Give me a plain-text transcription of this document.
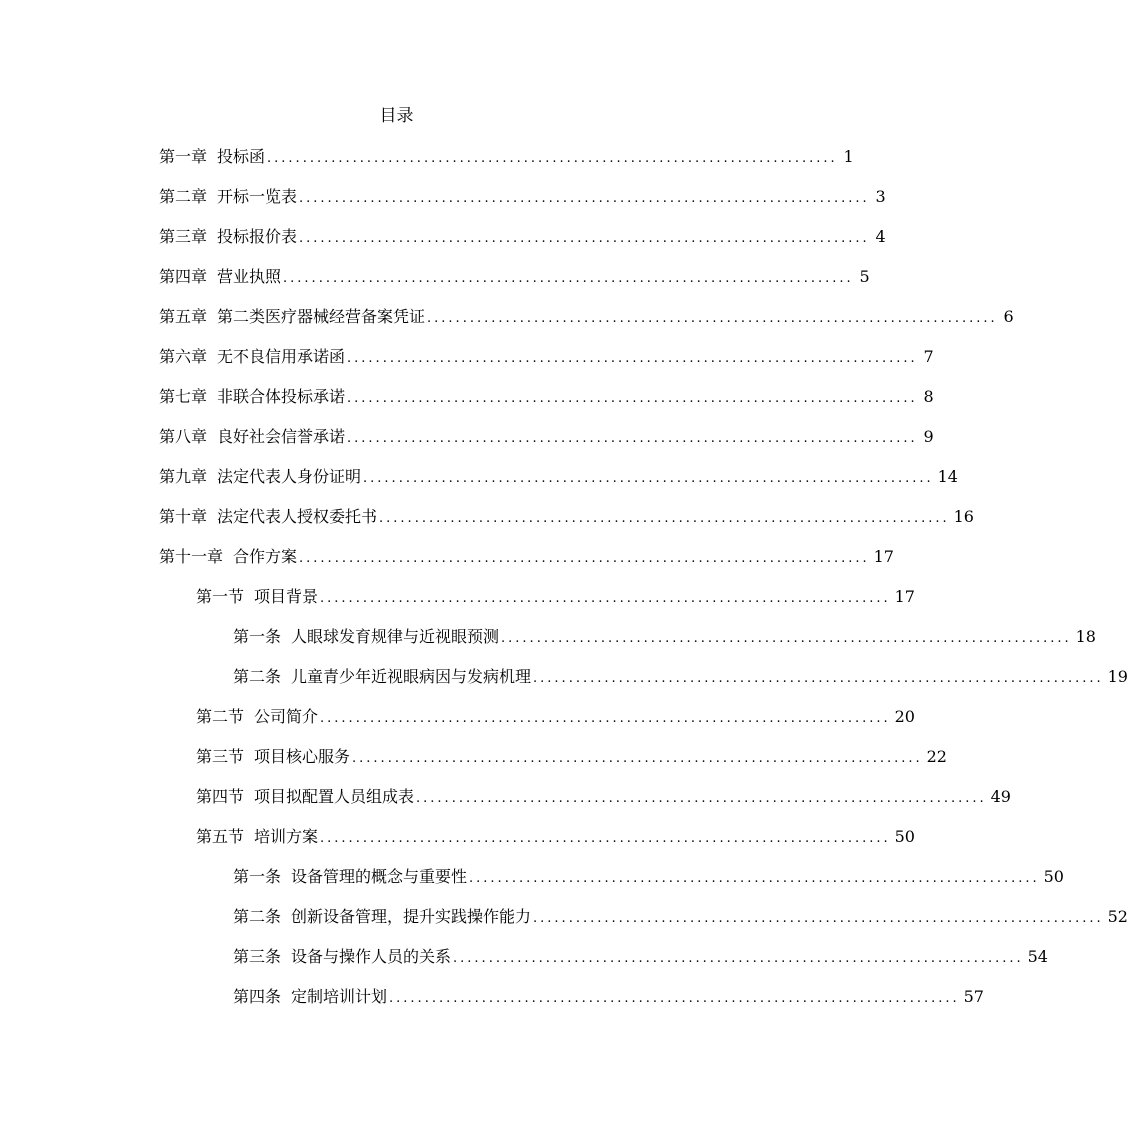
目录
第一章 投标函 ................................................................................ 1
第二章 开标一览表 ................................................................................ 3
第三章 投标报价表 ................................................................................ 4
第四章 营业执照 ................................................................................ 5
第五章 第二类医疗器械经营备案凭证 ................................................................................ 6
第六章 无不良信用承诺函 ................................................................................ 7
第七章 非联合体投标承诺 ................................................................................ 8
第八章 良好社会信誉承诺 ................................................................................ 9
第九章 法定代表人身份证明 ................................................................................ 14
第十章 法定代表人授权委托书 ................................................................................ 16
第十一章 合作方案 ................................................................................ 17
第一节 项目背景 ................................................................................ 17
第一条 人眼球发育规律与近视眼预测 ................................................................................ 18
第二条 儿童青少年近视眼病因与发病机理 ................................................................................ 19
第二节 公司简介 ................................................................................ 20
第三节 项目核心服务 ................................................................................ 22
第四节 项目拟配置人员组成表 ................................................................................ 49
第五节 培训方案 ................................................................................ 50
第一条 设备管理的概念与重要性 ................................................................................ 50
第二条 创新设备管理，提升实践操作能力 ................................................................................ 52
第三条 设备与操作人员的关系 ................................................................................ 54
第四条 定制培训计划 ................................................................................ 57
